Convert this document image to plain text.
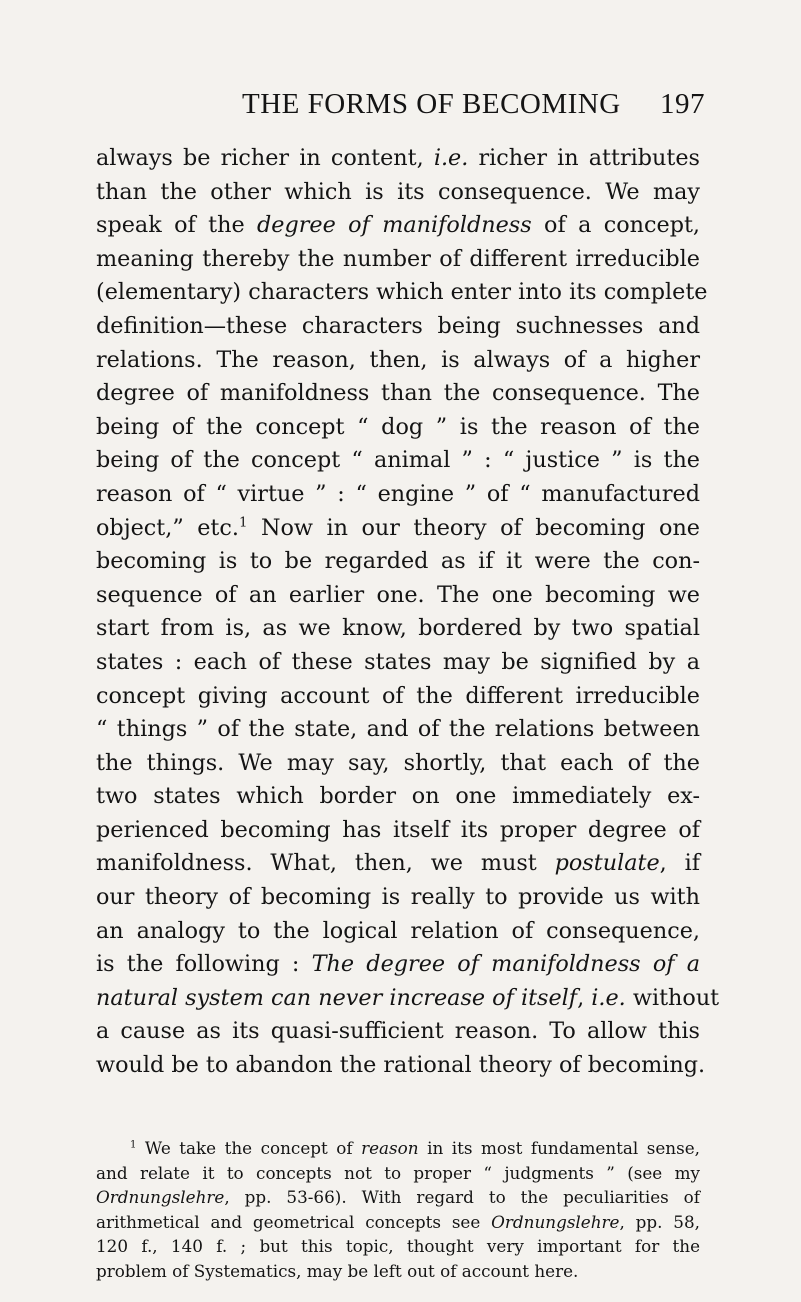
THE FORMS OF BECOMING 197
always be richer in content, i.e. richer in attributes
than the other which is its consequence. We may
speak of the degree of manifoldness of a concept,
meaning thereby the number of different irreducible
(elementary) characters which enter into its complete
definition—these characters being suchnesses and
relations. The reason, then, is always of a higher
degree of manifoldness than the consequence. The
being of the concept “ dog ” is the reason of the
being of the concept “ animal ” : “ justice ” is the
reason of “ virtue ” : “ engine ” of “ manufactured
object,” etc.$^1$ Now in our theory of becoming one
becoming is to be regarded as if it were the con-
sequence of an earlier one. The one becoming we
start from is, as we know, bordered by two spatial
states : each of these states may be signified by a
concept giving account of the different irreducible
“ things ” of the state, and of the relations between
the things. We may say, shortly, that each of the
two states which border on one immediately ex-
perienced becoming has itself its proper degree of
manifoldness. What, then, we must postulate, if
our theory of becoming is really to provide us with
an analogy to the logical relation of consequence,
is the following : The degree of manifoldness of a
natural system can never increase of itself, i.e. without
a cause as its quasi-sufficient reason. To allow this
would be to abandon the rational theory of becoming.
$^1$ We take the concept of reason in its most fundamental sense,
and relate it to concepts not to proper “ judgments ” (see my
Ordnungslehre, pp. 53-66). With regard to the peculiarities of
arithmetical and geometrical concepts see Ordnungslehre, pp. 58,
120 f., 140 f. ; but this topic, thought very important for the
problem of Systematics, may be left out of account here.
